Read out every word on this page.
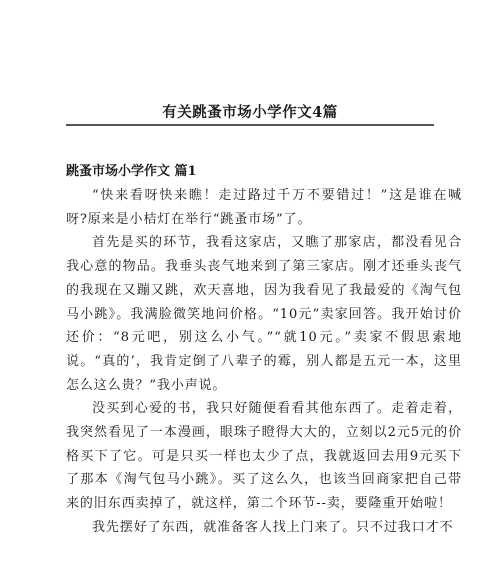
有关跳蚤市场小学作文4篇
跳蚤市场小学作文 篇1

“快来看呀快来瞧！走过路过千万不要错过！”这是谁在喊呀?原来是小桔灯在举行“跳蚤市场”了。

首先是买的环节，我看这家店，又瞧了那家店，都没看见合我心意的物品。我垂头丧气地来到了第三家店。刚才还垂头丧气的我现在又蹦又跳，欢天喜地，因为我看见了我最爱的《淘气包马小跳》。我满脸微笑地问价格。“10元”卖家回答。我开始讨价还价：“8元吧，别这么小气。”“就10元。”卖家不假思索地说。“真的’，我肯定倒了八辈子的霉，别人都是五元一本，这里怎么这么贵？”我小声说。

没买到心爱的书，我只好随便看看其他东西了。走着走着，我突然看见了一本漫画，眼珠子瞪得大大的，立刻以2元5元的价格买下了它。可是只买一样也太少了点，我就返回去用9元买下了那本《淘气包马小跳》。买了这么久，也该当回商家把自己带来的旧东西卖掉了，就这样，第二个环节--卖，要隆重开始啦！

我先摆好了东西，就准备客人找上门来了。只不过我口才不
